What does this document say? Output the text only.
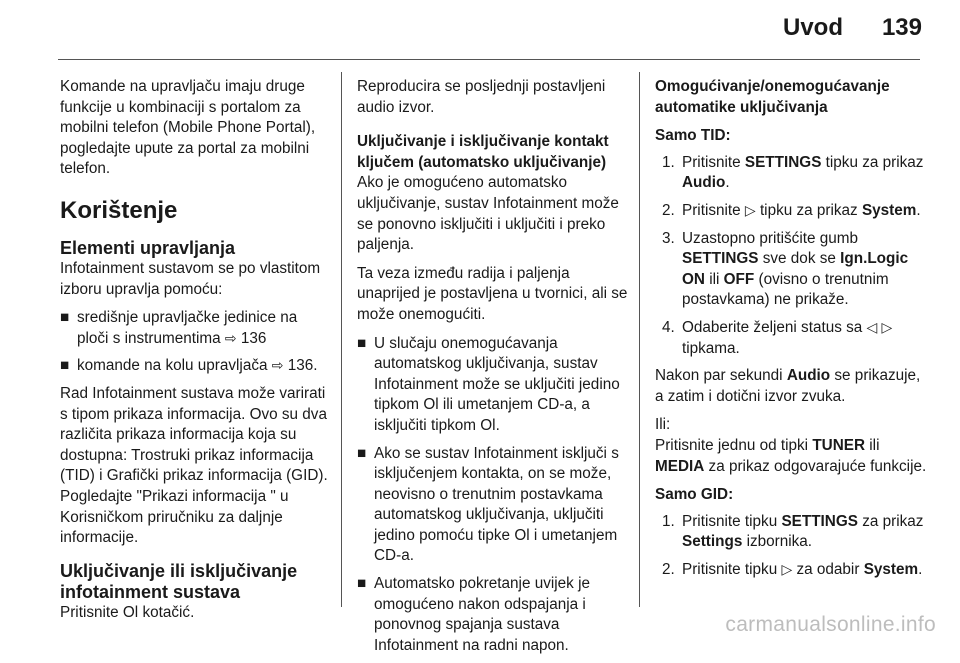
Uvod 139

Komande na upravljaču imaju druge funkcije u kombinaciji s portalom za mobilni telefon (Mobile Phone Portal), pogledajte upute za portal za mobilni telefon.

Korištenje
Elementi upravljanja

Infotainment sustavom se po vlastitom izboru upravlja pomoću:

■ središnje upravljačke jedinice na ploči s instrumentima ⇨ 136
■ komande na kolu upravljača ⇨ 136.

Rad Infotainment sustava može varirati s tipom prikaza informacija. Ovo su dva različita prikaza informacija koja su dostupna: Trostruki prikaz informacija (TID) i Grafički prikaz informacija (GID). Pogledajte "Prikazi informacija " u Korisničkom priručniku za daljnje informacije.

Uključivanje ili isključivanje infotainment sustava

Pritisnite Ol kotačić.

Reproducira se posljednji postavljeni audio izvor.

Uključivanje i isključivanje kontakt ključem (automatsko uključivanje)

Ako je omogućeno automatsko uključivanje, sustav Infotainment može se ponovno isključiti i uključiti i preko paljenja.

Ta veza između radija i paljenja unaprijed je postavljena u tvornici, ali se može onemogućiti.

■ U slučaju onemogućavanja automatskog uključivanja, sustav Infotainment može se uključiti jedino tipkom Ol ili umetanjem CD-a, a isključiti tipkom Ol.
■ Ako se sustav Infotainment isključi s isključenjem kontakta, on se može, neovisno o trenutnim postavkama automatskog uključivanja, uključiti jedino pomoću tipke Ol i umetanjem CD-a.
■ Automatsko pokretanje uvijek je omogućeno nakon odspajanja i ponovnog spajanja sustava Infotainment na radni napon.
Omogućivanje/onemogućavanje automatike uključivanja

Samo TID:

1. Pritisnite SETTINGS tipku za prikaz Audio.
2. Pritisnite ▷ tipku za prikaz System.
3. Uzastopno pritišćite gumb SETTINGS sve dok se Ign.Logic ON ili OFF (ovisno o trenutnim postavkama) ne prikaže.
4. Odaberite željeni status sa ◁ ▷ tipkama.

Nakon par sekundi Audio se prikazuje, a zatim i dotični izvor zvuka.

Ili:

Pritisnite jednu od tipki TUNER ili MEDIA za prikaz odgovarajuće funkcije.

Samo GID:

1. Pritisnite tipku SETTINGS za prikaz Settings izbornika.
2. Pritisnite tipku ▷ za odabir System.
carmanualsonline.info
